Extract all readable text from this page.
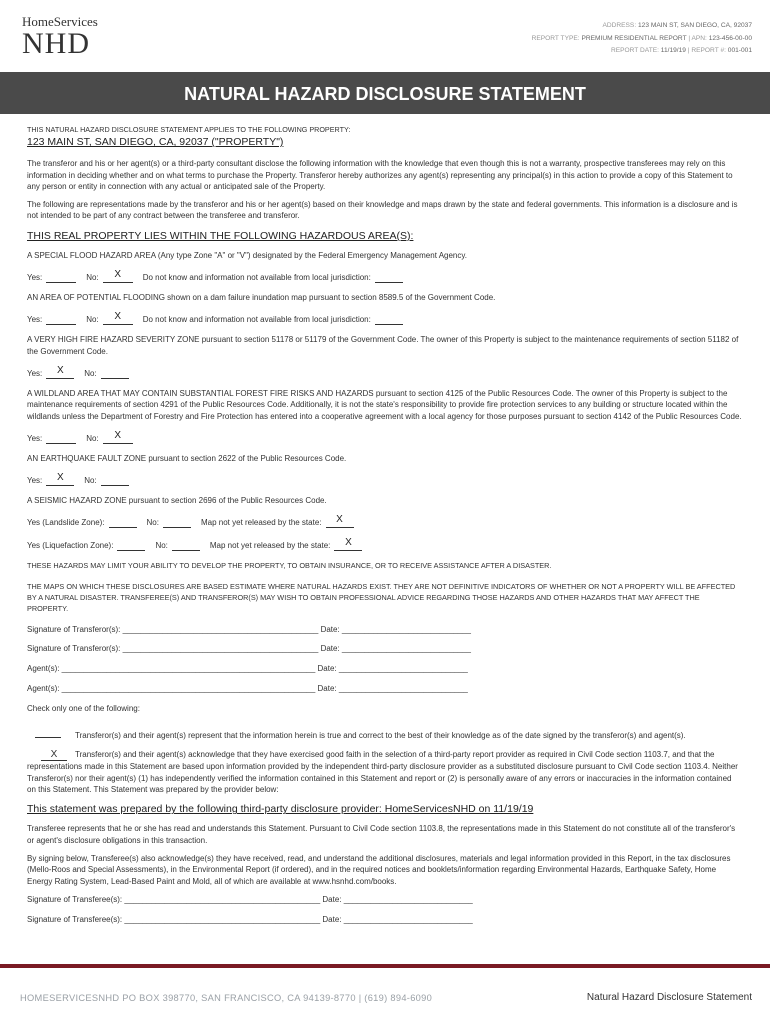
HomeServices
NHD
ADDRESS: 123 MAIN ST, SAN DIEGO, CA, 92037
REPORT TYPE: PREMIUM RESIDENTIAL REPORT | APN: 123-456-00-00
REPORT DATE: 11/19/19 | REPORT #: 001-001
NATURAL HAZARD DISCLOSURE STATEMENT

THIS NATURAL HAZARD DISCLOSURE STATEMENT APPLIES TO THE FOLLOWING PROPERTY:

123 MAIN ST, SAN DIEGO, CA, 92037 ("PROPERTY")

The transferor and his or her agent(s) or a third-party consultant disclose the following information with the knowledge that even though this is not a warranty, prospective transferees may rely on this information in deciding whether and on what terms to purchase the Property. Transferor hereby authorizes any agent(s) representing any principal(s) in this action to provide a copy of this Statement to any person or entity in connection with any actual or anticipated sale of the Property.

The following are representations made by the transferor and his or her agent(s) based on their knowledge and maps drawn by the state and federal governments. This information is a disclosure and is not intended to be part of any contract between the transferee and transferor.

THIS REAL PROPERTY LIES WITHIN THE FOLLOWING HAZARDOUS AREA(S):

A SPECIAL FLOOD HAZARD AREA (Any type Zone "A" or "V") designated by the Federal Emergency Management Agency.

Yes:	No:	X	Do not know and information not available from local jurisdiction:

AN AREA OF POTENTIAL FLOODING shown on a dam failure inundation map pursuant to section 8589.5 of the Government Code.

Yes:	No:	X	Do not know and information not available from local jurisdiction:

A VERY HIGH FIRE HAZARD SEVERITY ZONE pursuant to section 51178 or 51179 of the Government Code. The owner of this Property is subject to the maintenance requirements of section 51182 of the Government Code.

Yes:	X	No:

A WILDLAND AREA THAT MAY CONTAIN SUBSTANTIAL FOREST FIRE RISKS AND HAZARDS pursuant to section 4125 of the Public Resources Code. The owner of this Property is subject to the maintenance requirements of section 4291 of the Public Resources Code. Additionally, it is not the state's responsibility to provide fire protection services to any building or structure located within the wildlands unless the Department of Forestry and Fire Protection has entered into a cooperative agreement with a local agency for those purposes pursuant to section 4142 of the Public Resources Code.

Yes:	No:	X

AN EARTHQUAKE FAULT ZONE pursuant to section 2622 of the Public Resources Code.

Yes:	X	No:

A SEISMIC HAZARD ZONE pursuant to section 2696 of the Public Resources Code.

Yes (Landslide Zone):	No:	Map not yet released by the state:	X
Yes (Liquefaction Zone):	No:	Map not yet released by the state:	X

THESE HAZARDS MAY LIMIT YOUR ABILITY TO DEVELOP THE PROPERTY, TO OBTAIN INSURANCE, OR TO RECEIVE ASSISTANCE AFTER A DISASTER.

THE MAPS ON WHICH THESE DISCLOSURES ARE BASED ESTIMATE WHERE NATURAL HAZARDS EXIST. THEY ARE NOT DEFINITIVE INDICATORS OF WHETHER OR NOT A PROPERTY WILL BE AFFECTED BY A NATURAL DISASTER. TRANSFEREE(S) AND TRANSFEROR(S) MAY WISH TO OBTAIN PROFESSIONAL ADVICE REGARDING THOSE HAZARDS AND OTHER HAZARDS THAT MAY AFFECT THE PROPERTY.

Signature of Transferor(s): ____________________________________________ Date: _____________________________

Signature of Transferor(s): ____________________________________________ Date: _____________________________

Agent(s): _________________________________________________________ Date: _____________________________

Agent(s): _________________________________________________________ Date: _____________________________

Check only one of the following:

Transferor(s) and their agent(s) represent that the information herein is true and correct to the best of their knowledge as of the date signed by the transferor(s) and agent(s).

X Transferor(s) and their agent(s) acknowledge that they have exercised good faith in the selection of a third-party report provider as required in Civil Code section 1103.7, and that the representations made in this Statement are based upon information provided by the independent third-party disclosure provider as a substituted disclosure pursuant to Civil Code section 1103.4. Neither Transferor(s) nor their agent(s) (1) has independently verified the information contained in this Statement and report or (2) is personally aware of any errors or inaccuracies in the information contained on this Statement. This Statement was prepared by the provider below:

This statement was prepared by the following third-party disclosure provider: HomeServicesNHD on 11/19/19

Transferee represents that he or she has read and understands this Statement. Pursuant to Civil Code section 1103.8, the representations made in this Statement do not constitute all of the transferor's or agent's disclosure obligations in this transaction.

By signing below, Transferee(s) also acknowledge(s) they have received, read, and understand the additional disclosures, materials and legal information provided in this Report, in the tax disclosures (Mello-Roos and Special Assessments), in the Environmental Report (if ordered), and in the required notices and booklets/information regarding Environmental Hazards, Earthquake Safety, Home Energy Rating System, Lead-Based Paint and Mold, all of which are available at www.hsnhd.com/books.

Signature of Transferee(s): ____________________________________________ Date: _____________________________

Signature of Transferee(s): ____________________________________________ Date: _____________________________

HOMESERVICESNHD PO BOX 398770, SAN FRANCISCO, CA 94139-8770 | (619) 894-6090	Natural Hazard Disclosure Statement
